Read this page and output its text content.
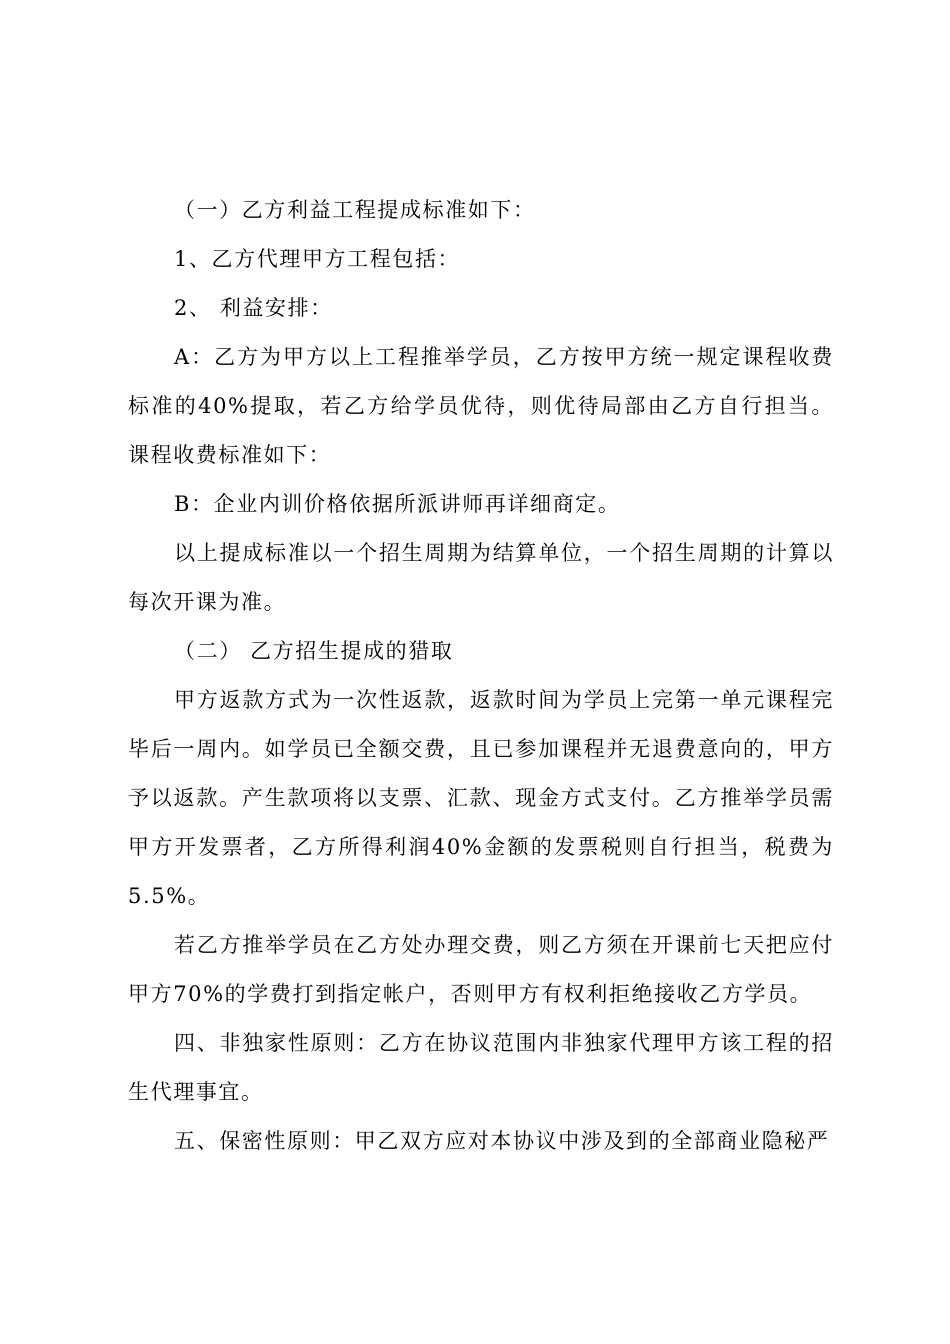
（一）乙方利益工程提成标准如下：

1、乙方代理甲方工程包括：

2、 利益安排：

A：乙方为甲方以上工程推举学员，乙方按甲方统一规定课程收费标准的40%提取，若乙方给学员优待，则优待局部由乙方自行担当。课程收费标准如下：

B：企业内训价格依据所派讲师再详细商定。

以上提成标准以一个招生周期为结算单位，一个招生周期的计算以每次开课为准。

（二） 乙方招生提成的猎取

甲方返款方式为一次性返款，返款时间为学员上完第一单元课程完毕后一周内。如学员已全额交费，且已参加课程并无退费意向的，甲方予以返款。产生款项将以支票、汇款、现金方式支付。乙方推举学员需甲方开发票者，乙方所得利润40%金额的发票税则自行担当，税费为5.5%。

若乙方推举学员在乙方处办理交费，则乙方须在开课前七天把应付甲方70%的学费打到指定帐户，否则甲方有权利拒绝接收乙方学员。

四、非独家性原则：乙方在协议范围内非独家代理甲方该工程的招生代理事宜。

五、保密性原则：甲乙双方应对本协议中涉及到的全部商业隐秘严
